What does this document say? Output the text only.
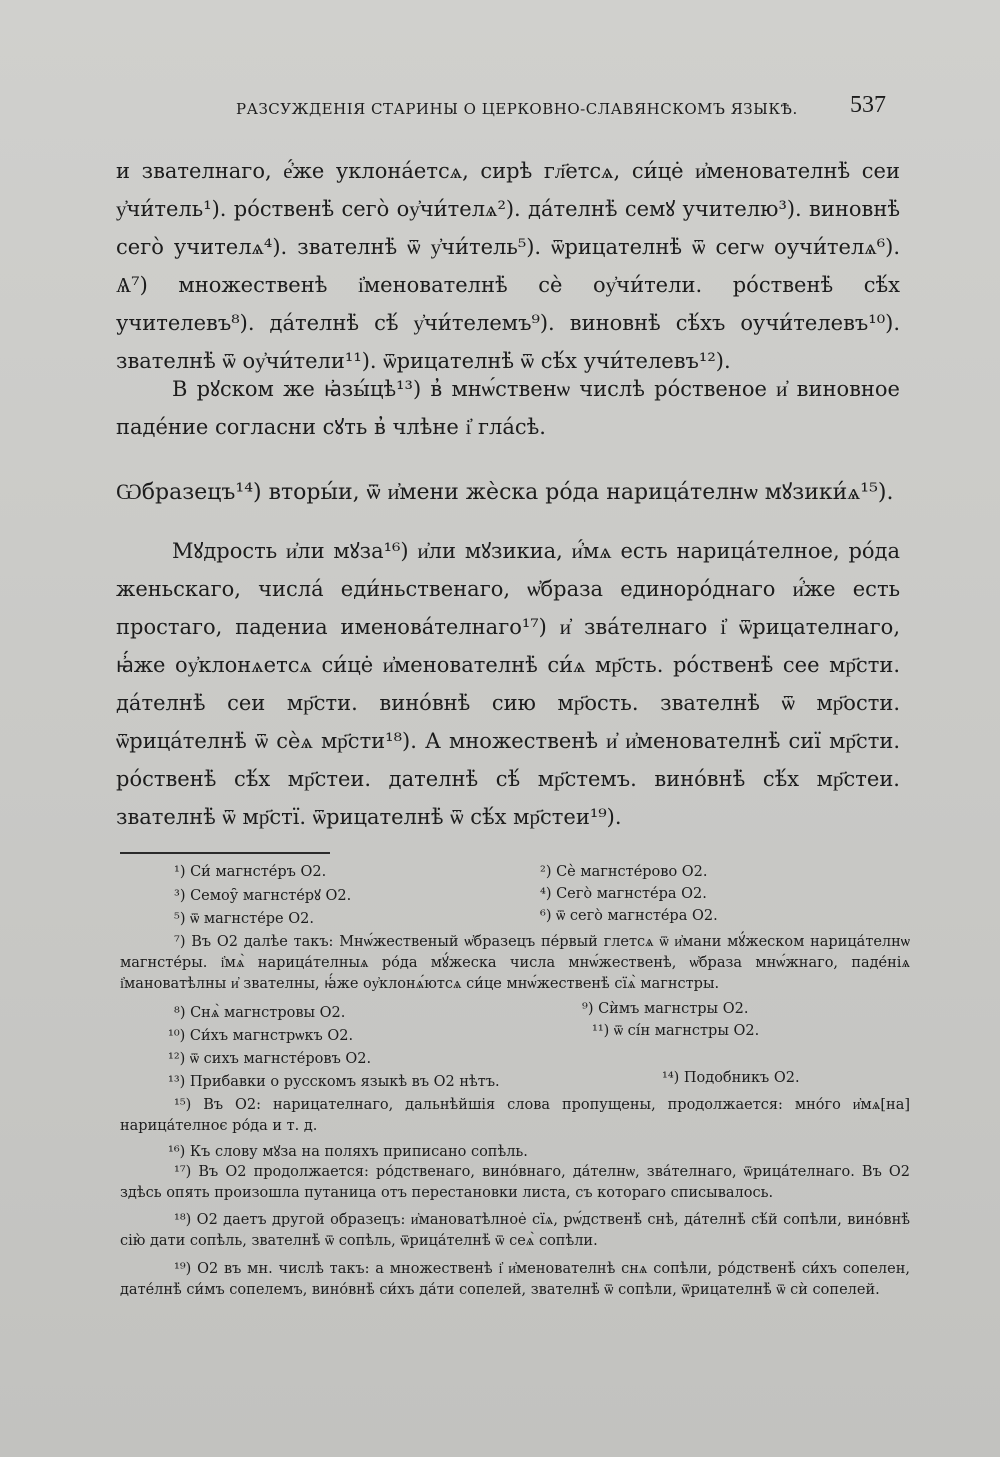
РАЗСУЖДЕНІЯ СТАРИНЫ О ЦЕРКОВНО-СЛАВЯНСКОМЪ ЯЗЫКѢ. 537
и звателнаго, е҆́же уклона́етсѧ, сирѣ гл҃етсѧ, си́це̇ и҆менователнѣ̇ сеи у҆чи́тель¹). ро́ственѣ̇ сего̀ оу҆чи́телѧ²). да́телнѣ̇ семꙋ учителю³). виновнѣ̇ сего̀ учителѧ⁴). звателнѣ̇ ѿ у҆чи́тель⁵). ѿрицателнѣ̇ ѿ сегѡ оучи́телѧ⁶). Ѧ⁷) множественѣ і҆менователнѣ̇ сѐ оу҆чи́тели. ро́ственѣ̇ сѣ́х учителевъ⁸). да́телнѣ̇ сѣ́ у҆чи́телемъ⁹). виновнѣ̇ сѣ́хъ оучи́телевъ¹⁰). звателнѣ̇ ѿ оу҆чи́тели¹¹). ѿрицателнѣ̇ ѿ сѣ́х учи́телевъ¹²).
В рꙋском же ꙗ҆зы́цѣ¹³) в̓ мнѡ́ственѡ числѣ ро́ственое и҆ виновное паде́ние согласни сꙋть в̓ члѣне і҆ гла́сѣ.
Ѡбразецъ¹⁴) вторы́и, ѿ и҆мени жѐска ро́да нарица́телнѡ мꙋзики́ѧ¹⁵).
Мꙋдрость и҆ли мꙋза¹⁶) и҆ли мꙋзикиа, и҆́мѧ есть нарица́телное, ро́да женьскаго, числа́ еди́ньственаго, ѡ҆браза единоро́днаго и҆́же есть простаго, падениа именова́телнаго¹⁷) и҆ зва́телнаго і҆ ѿрицателнаго, ꙗ҆́же оу҆клонѧетсѧ си́це̇ и҆менователнѣ̇ си́ѧ мр҃сть. ро́ственѣ̇ сее мр҃сти. да́телнѣ̇ сеи мр҃сти. вино́внѣ̇ сию мр҃ость. звателнѣ̇ ѿ мр҃ости. ѿрица́телнѣ̇ ѿ сѐѧ мр҃сти¹⁸). А множественѣ и҆ и҆менователнѣ̇ сиї мр҃сти. ро́ственѣ̇ сѣ́х мр҃стеи. дателнѣ̇ сѣ́ мр҃стемъ. вино́внѣ̇ сѣ́х мр҃стеи. звателнѣ̇ ѿ мр҃стї. ѿрицателнѣ̇ ѿ сѣ́х мр҃стеи¹⁹).
¹) Си́ магнсте́ръ О2.	²) Сѐ магнсте́рово О2.
³) Семоу̑ магнсте́рꙋ О2.	⁴) Сего̀ магнсте́ра О2.
⁵) ѿ магнсте́ре О2.	⁶) ѿ сего̀ магнсте́ра О2.
⁷) Въ О2 далѣе такъ: Мнѡ́жественый ѡ҆бразецъ пе́рвый глетсѧ ѿ и҆мани мꙋ́жеском нарица́телнѡ магнсте́ры. і҆мѧ̀ нарица́телныѧ ро́да мꙋ́жеска числа мнѡ́жественѣ, ѡ҆браза мнѡ́жнаго, паде́ніѧ і҆мановатѣлны и҆ звателны, ꙗ҆́же оу҆клонѧ́ютсѧ си́це мнѡ́жественѣ̇ сїѧ̀ магнстры.
⁸) Снѧ̀ магнстровы О2.	⁹) Сѝмъ магнстры О2.
¹⁰) Си́хъ магнстрѡкъ О2.	¹¹) ѿ сі́н магнстры О2.
¹²) ѿ сихъ магнсте́ровъ О2.
¹³) Прибавки о русскомъ языкѣ въ О2 нѣтъ.	¹⁴) Подобникъ О2.
¹⁵) Въ О2: нарицателнаго, дальнѣйшія слова пропущены, продолжается: мно́го и҆мѧ[на] нарица́телноє ро́да и т. д.
¹⁶) Къ слову мꙋза на поляхъ приписано сопѣль.
¹⁷) Въ О2 продолжается: ро́дственаго, вино́внаго, да́телнѡ, зва́телнаго, ѿрица́телнаго. Въ О2 здѣсь опять произошла путаница отъ перестановки листа, съ котораго списывалось.
¹⁸) О2 даетъ другой образецъ: и҆мановатѣлное̇ сїѧ, рѡ́дственѣ̇ снѣ, да́телнѣ̇ сѣ́й сопѣли, вино́внѣ̇ сію̀ дати сопѣль, звателнѣ̇ ѿ сопѣль, ѿрица́телнѣ̇ ѿ сеѧ̀ сопѣли.
¹⁹) О2 въ мн. числѣ такъ: а множественѣ і҆ и҆менователнѣ снѧ сопѣли, ро́дственѣ̇ си́хъ сопелен, дате́лнѣ̇ си́мъ сопелемъ, вино́внѣ̇ си́хъ да́ти сопелей, звателнѣ̇ ѿ сопѣли, ѿрицателнѣ̇ ѿ сѝ сопелей.
